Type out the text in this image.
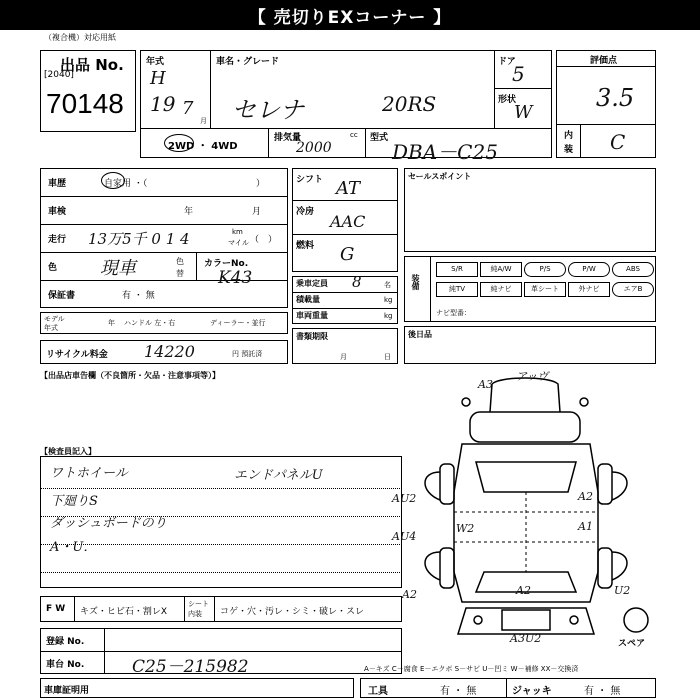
【 売切りEXコーナー 】
（複合機）対応用紙
出品 No.
[2040]
70148
年式
H
19 7
月
車名・グレード
セレナ	20RS
ドア
5
形状
W
2WD ・ 4WD
排気量	cc
2000
型式
DBA－C25
評価点
3.5
内
装 C
車歴	自家用 ・（	）
車検	年	月
走行 13万5千 0 1 4	km
マイル （　）
色 現車	色
替
カラーNo.
K43
保証書	有 ・ 無
モデル
年式
年 ハンドル 左・右	ディーラー・並行
リサイクル料金 14220	円 預託済
【出品店車告欄（不良箇所・欠品・注意事項等）】
シフト AT
冷房 AAC
燃料 G
乗車定員 8	名
積載量	kg
車両重量	kg
書類期限
月	日
セールスポイント
装備
ナビ型番：
後日品
【検査員記入】
ワトホイール
下廻りS
ダッシュボードのり
A・U．
エンドパネルU
A3
アッヴ
AU2
AU4
W2
A2
A1
A2	U2
A2
A3U2	スペア
F W キズ・ヒビ石・割レX
シート
内装 コゲ・穴・汚レ・シミ・破レ・スレ
登録 No.
車台 No.	C25－215982	A－キズ C－腐食 E－エクボ S－サビ U－凹ミ W－補修 XX－交換済
車庫証明用	工具	有 ・ 無	ジャッキ	有 ・ 無
S/R	純A/W	P/S	P/W	ABS
純TV	純ナビ	革シート	外ナビ	エアB
